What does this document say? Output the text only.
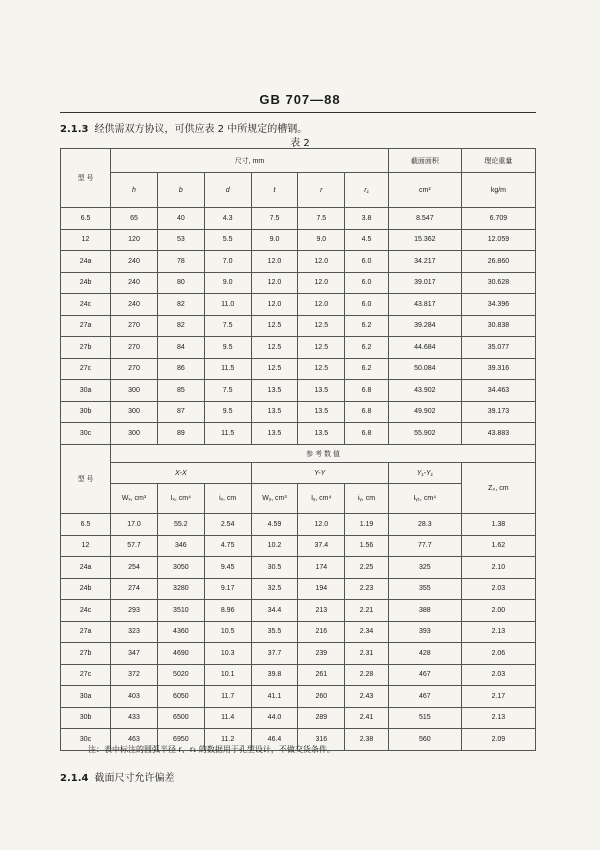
GB 707—88
2.1.3 经供需双方协议，可供应表 2 中所规定的槽钢。
表 2
型 号	尺寸, mm						截面面积	理论重量
	h	b	d	t	r	r₁	cm²	kg/m
6.5	65	40	4.3	7.5	7.5	3.8	8.547	6.709
12	120	53	5.5	9.0	9.0	4.5	15.362	12.059
24a	240	78	7.0	12.0	12.0	6.0	34.217	26.860
24b	240	80	9.0	12.0	12.0	6.0	39.017	30.628
24c	240	82	11.0	12.0	12.0	6.0	43.817	34.396
27a	270	82	7.5	12.5	12.5	6.2	39.284	30.838
27b	270	84	9.5	12.5	12.5	6.2	44.684	35.077
27c	270	86	11.5	12.5	12.5	6.2	50.084	39.316
30a	300	85	7.5	13.5	13.5	6.8	43.902	34.463
30b	300	87	9.5	13.5	13.5	6.8	49.902	39.173
30c	300	89	11.5	13.5	13.5	6.8	55.902	43.883
型 号	参 考 数 值							
	X-X			Y-Y			Y₁-Y₁	Z₀, cm
	Wₓ, cm³	Iₓ, cm⁴	iₓ, cm	Wᵧ, cm³	Iᵧ, cm⁴	iᵧ, cm	Iᵧ₁, cm⁴	
6.5	17.0	55.2	2.54	4.59	12.0	1.19	28.3	1.38
12	57.7	346	4.75	10.2	37.4	1.56	77.7	1.62
24a	254	3050	9.45	30.5	174	2.25	325	2.10
24b	274	3280	9.17	32.5	194	2.23	355	2.03
24c	293	3510	8.96	34.4	213	2.21	388	2.00
27a	323	4360	10.5	35.5	216	2.34	393	2.13
27b	347	4690	10.3	37.7	239	2.31	428	2.06
27c	372	5020	10.1	39.8	261	2.28	467	2.03
30a	403	6050	11.7	41.1	260	2.43	467	2.17
30b	433	6500	11.4	44.0	289	2.41	515	2.13
30c	463	6950	11.2	46.4	316	2.38	560	2.09
注：表中标注的圆弧半径 r、r₁ 的数据用于孔型设计，不做交货条件。
2.1.4 截面尺寸允许偏差
